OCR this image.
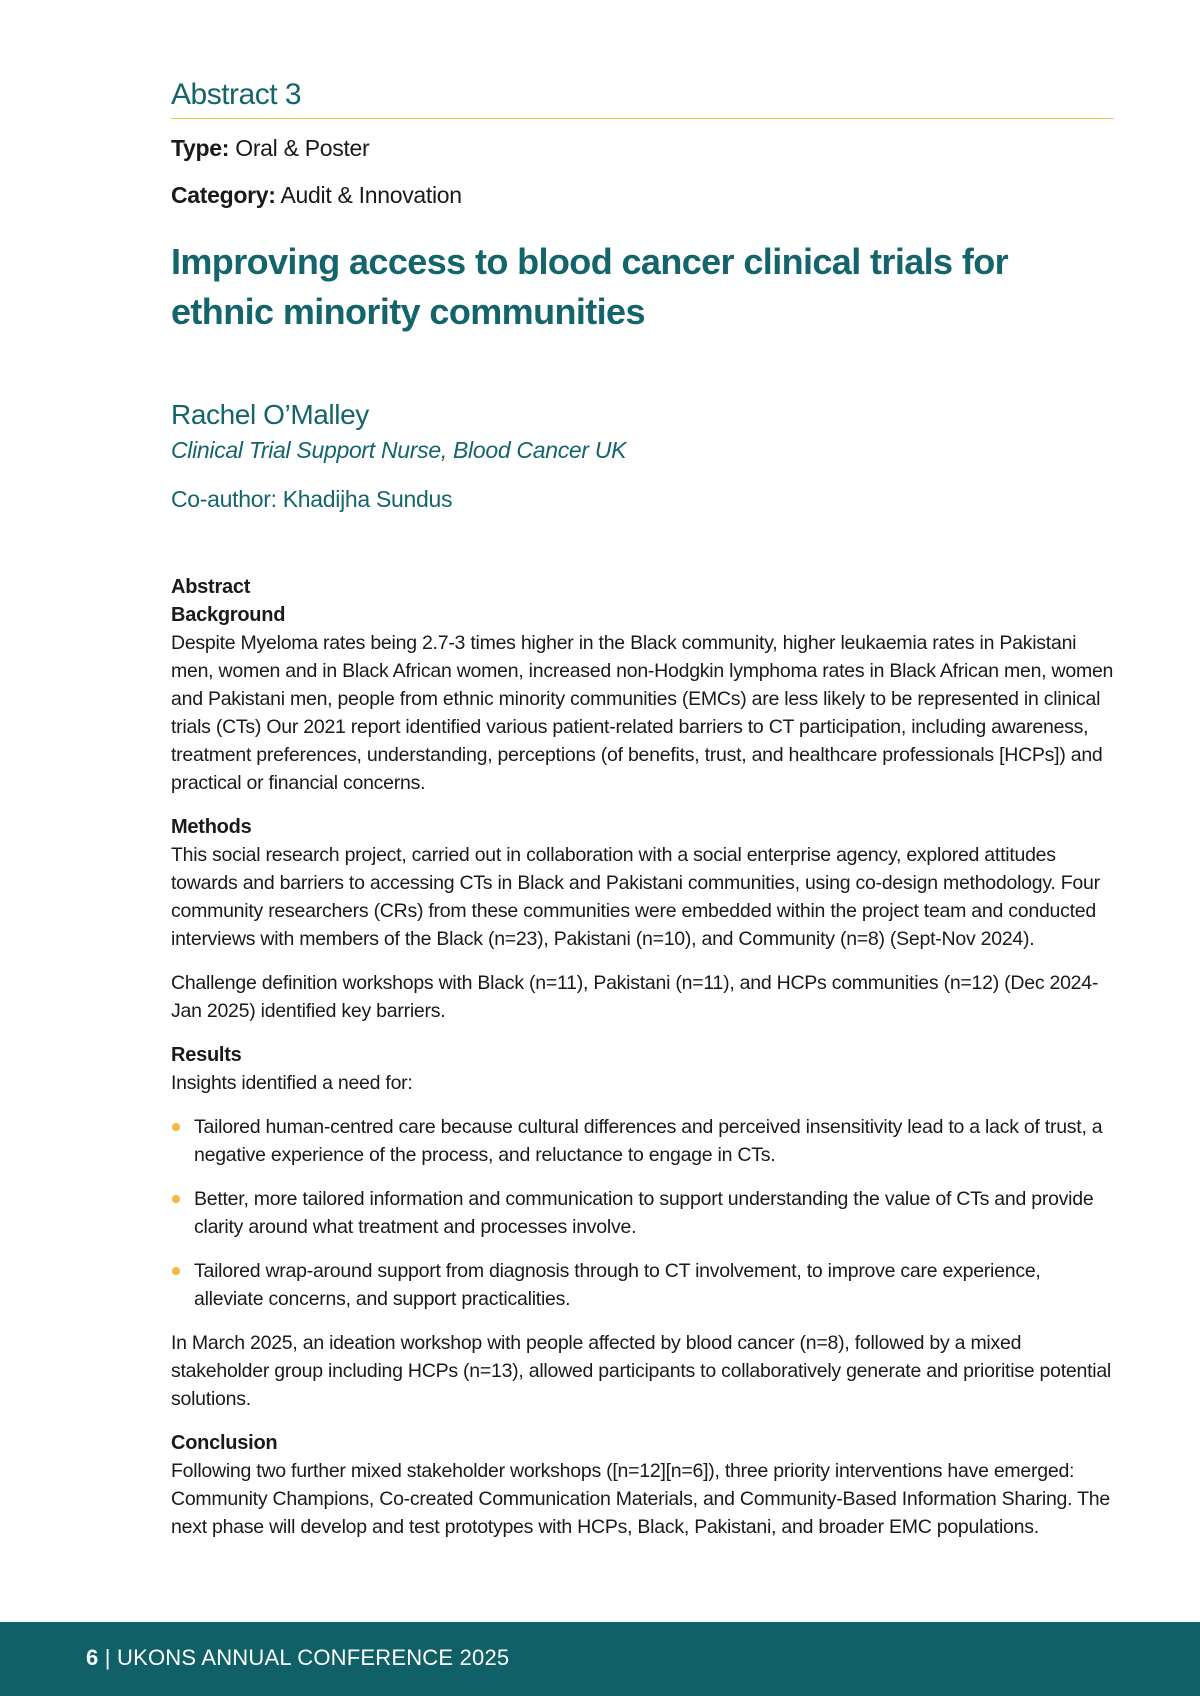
Abstract 3
Type: Oral & Poster
Category: Audit & Innovation
Improving access to blood cancer clinical trials for ethnic minority communities
Rachel O’Malley
Clinical Trial Support Nurse, Blood Cancer UK
Co-author: Khadijha Sundus
Abstract
Background

Despite Myeloma rates being 2.7-3 times higher in the Black community, higher leukaemia rates in Pakistani men, women and in Black African women, increased non-Hodgkin lymphoma rates in Black African men, women and Pakistani men, people from ethnic minority communities (EMCs) are less likely to be represented in clinical trials (CTs) Our 2021 report identified various patient-related barriers to CT participation, including awareness, treatment preferences, understanding, perceptions (of benefits, trust, and healthcare professionals [HCPs]) and practical or financial concerns.

Methods

This social research project, carried out in collaboration with a social enterprise agency, explored attitudes towards and barriers to accessing CTs in Black and Pakistani communities, using co-design methodology. Four community researchers (CRs) from these communities were embedded within the project team and conducted interviews with members of the Black (n=23), Pakistani (n=10), and Community (n=8) (Sept-Nov 2024).

Challenge definition workshops with Black (n=11), Pakistani (n=11), and HCPs communities (n=12) (Dec 2024-Jan 2025) identified key barriers.

Results

Insights identified a need for:

Tailored human-centred care because cultural differences and perceived insensitivity lead to a lack of trust, a negative experience of the process, and reluctance to engage in CTs.
Better, more tailored information and communication to support understanding the value of CTs and provide clarity around what treatment and processes involve.
Tailored wrap-around support from diagnosis through to CT involvement, to improve care experience, alleviate concerns, and support practicalities.

In March 2025, an ideation workshop with people affected by blood cancer (n=8), followed by a mixed stakeholder group including HCPs (n=13), allowed participants to collaboratively generate and prioritise potential solutions.

Conclusion

Following two further mixed stakeholder workshops ([n=12][n=6]), three priority interventions have emerged: Community Champions, Co-created Communication Materials, and Community-Based Information Sharing. The next phase will develop and test prototypes with HCPs, Black, Pakistani, and broader EMC populations.

6 | UKONS ANNUAL CONFERENCE 2025
